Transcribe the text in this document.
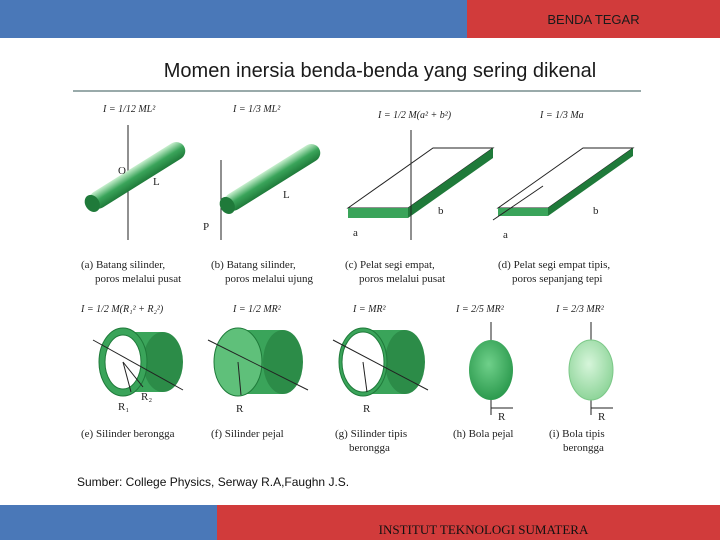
BENDA TEGAR
Momen inersia benda-benda yang sering dikenal
I = 1/12 ML²	I = 1/3 ML²
I = 1/2 M(a² + b²)	I = 1/3 Ma
O
L
P
L
a
b
a
b
(a) Batang silinder,
poros melalui pusat
(b) Batang silinder,
poros melalui ujung
(c) Pelat segi empat,
poros melalui pusat
(d) Pelat segi empat tipis,
poros sepanjang tepi
I = 1/2 M(R₁² + R₂²)	I = 1/2 MR²	I = MR²	I = 2/5 MR²	I = 2/3 MR²
R₁
R₂
R	R
R	R
(e) Silinder berongga	(f) Silinder pejal	(g) Silinder tipis
berongga
(h) Bola pejal	(i) Bola tipis
berongga
Sumber: College Physics, Serway R.A,Faughn J.S.
INSTITUT TEKNOLOGI SUMATERA
